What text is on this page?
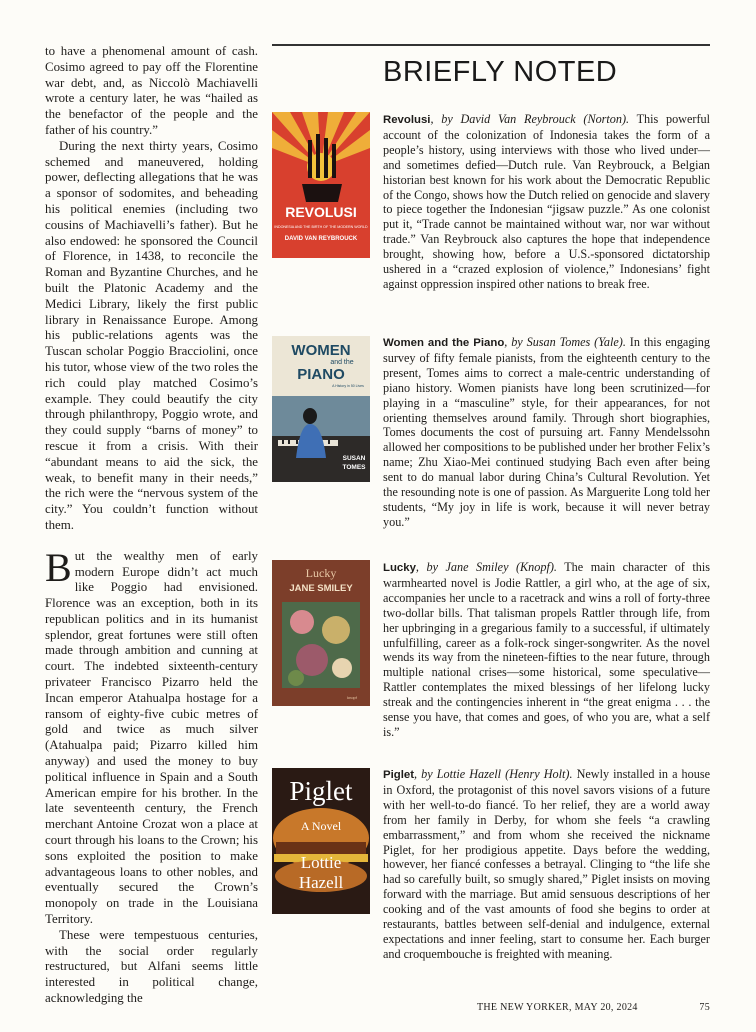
to have a phenomenal amount of cash. Cosimo agreed to pay off the Florentine war debt, and, as Niccolò Machiavelli wrote a century later, he was “hailed as the benefactor of the people and the father of his country.”

During the next thirty years, Cosimo schemed and maneuvered, holding power, deflecting allegations that he was a sponsor of sodomites, and beheading his political enemies (including two cousins of Machiavelli’s father). But he also endowed: he sponsored the Council of Florence, in 1438, to reconcile the Roman and Byzantine Churches, and he built the Platonic Academy and the Medici Library, likely the first public library in Renaissance Europe. Among his public-relations agents was the Tuscan scholar Poggio Bracciolini, once his tutor, whose view of the two roles the rich could play matched Cosimo’s example. They could beautify the city through philanthropy, Poggio wrote, and they could supply “barns of money” to rescue it from a crisis. With their “abundant means to aid the sick, the weak, to benefit many in their needs,” the rich were the “nervous system of the city.” You couldn’t function without them.

But the wealthy men of early modern Europe didn’t act much like Poggio had envisioned. Florence was an exception, both in its republican politics and in its humanist splendor, great fortunes were still often made through ambition and cunning at court. The indebted sixteenth-century privateer Francisco Pizarro held the Incan emperor Atahualpa hostage for a ransom of eighty-five cubic metres of gold and twice as much silver (Atahualpa paid; Pizarro killed him anyway) and used the money to buy political influence in Spain and a South American empire for his brother. In the late seventeenth century, the French merchant Antoine Crozat won a place at court through his loans to the Crown; his sons exploited the position to make advantageous loans to other nobles, and eventually secured the Crown’s monopoly on trade in the Louisiana Territory.

These were tempestuous centuries, with the social order regularly restructured, but Alfani seems little interested in political change, acknowledging the

BRIEFLY NOTED
REVOLUSI
INDONESIA AND THE BIRTH OF THE MODERN WORLD
DAVID VAN REYBROUCK
Revolusi, by David Van Reybrouck (Norton). This powerful account of the colonization of Indonesia takes the form of a people’s history, using interviews with those who lived under—and sometimes defied—Dutch rule. Van Reybrouck, a Belgian historian best known for his work about the Democratic Republic of the Congo, shows how the Dutch relied on genocide and slavery to piece together the Indonesian “jigsaw puzzle.” As one colonist put it, “Trade cannot be maintained without war, nor war without trade.” Van Reybrouck also captures the hope that independence brought, showing how, before a U.S.-sponsored dictatorship ushered in a “crazed explosion of violence,” Indonesians’ fight against oppression inspired other nations to break free.
WOMEN
and the
PIANO
A History in 50 Lives
SUSAN
TOMES
Women and the Piano, by Susan Tomes (Yale). In this engaging survey of fifty female pianists, from the eighteenth century to the present, Tomes aims to correct a male-centric understanding of piano history. Women pianists have long been scrutinized—for playing in a “masculine” style, for their appearances, for not orienting themselves around family. Through short biographies, Tomes documents the cost of pursuing art. Fanny Mendelssohn allowed her compositions to be published under her brother Felix’s name; Zhu Xiao-Mei continued studying Bach even after being sent to do manual labor during China’s Cultural Revolution. Yet the resounding note is one of passion. As Marguerite Long told her students, “My joy in life is work, because it will never betray you.”
Lucky
JANE SMILEY
knopf
Lucky, by Jane Smiley (Knopf). The main character of this warmhearted novel is Jodie Rattler, a girl who, at the age of six, accompanies her uncle to a racetrack and wins a roll of forty-three two-dollar bills. That talisman propels Rattler through life, from her upbringing in a gregarious family to a successful, if ultimately unfulfilling, career as a folk-rock singer-songwriter. As the novel wends its way from the nineteen-fifties to the near future, through multiple national crises—some historical, some speculative—Rattler contemplates the mixed blessings of her lifelong lucky streak and the contingencies inherent in “the great enigma . . . the sense you have, that comes and goes, of who you are, what a self is.”
Piglet
A Novel
Lottie
Hazell
Piglet, by Lottie Hazell (Henry Holt). Newly installed in a house in Oxford, the protagonist of this novel savors visions of a future with her well-to-do fiancé. To her relief, they are a world away from her family in Derby, for whom she feels “a crawling embarrassment,” and from whom she received the nickname Piglet, for her prodigious appetite. Days before the wedding, however, her fiancé confesses a betrayal. Clinging to “the life she had so carefully built, so smugly shared,” Piglet insists on moving forward with the marriage. But amid sensuous descriptions of her cooking and of the vast amounts of food she begins to order at restaurants, battles between self-denial and indulgence, external expectations and inner feeling, start to consume her. Each burger and croquembouche is freighted with meaning.
THE NEW YORKER, MAY 20, 2024	75
